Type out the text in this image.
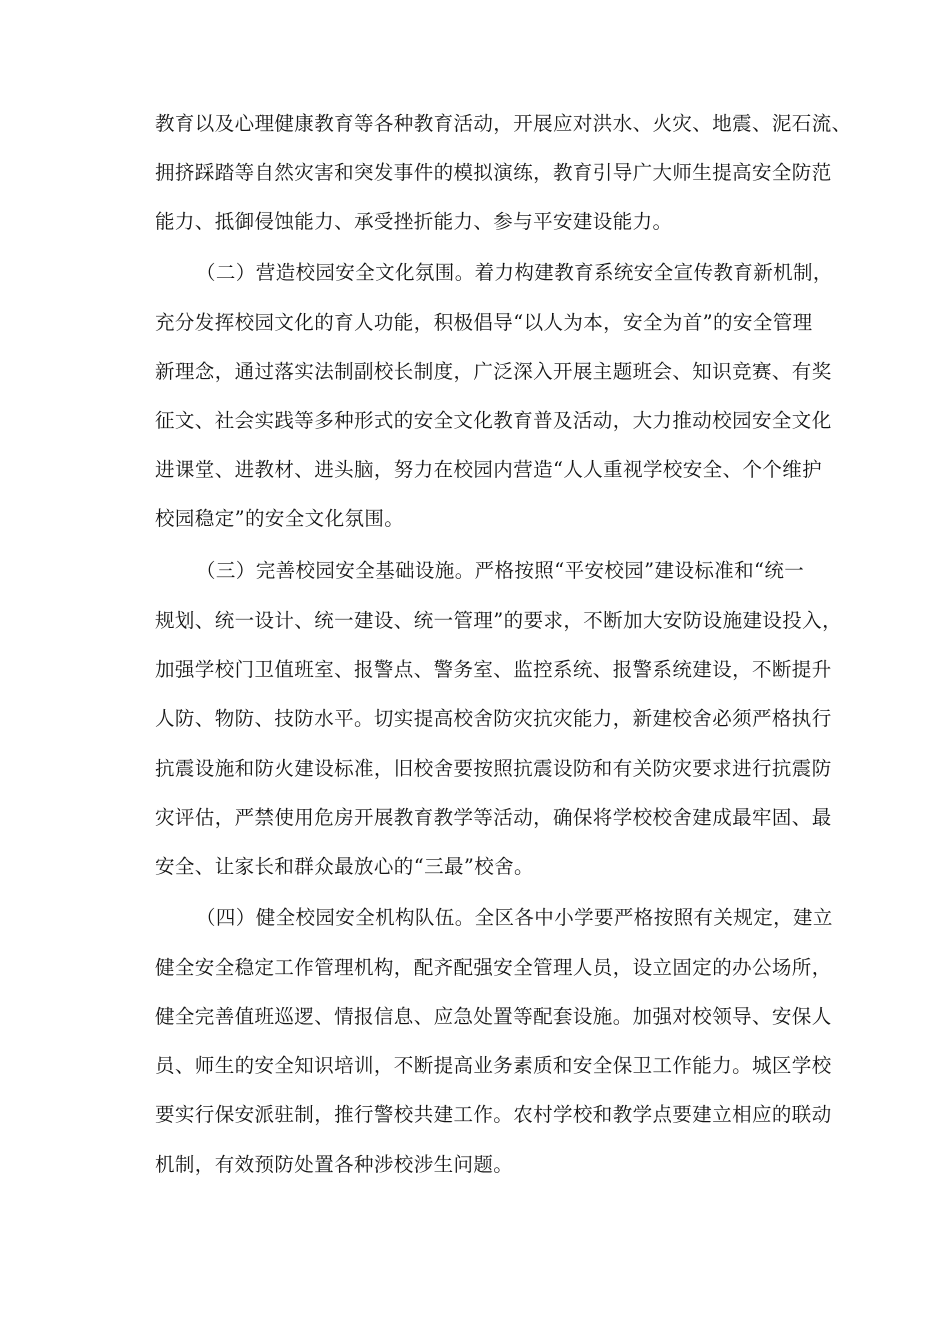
教育以及心理健康教育等各种教育活动，开展应对洪水、火灾、地震、泥石流、
拥挤踩踏等自然灾害和突发事件的模拟演练，教育引导广大师生提高安全防范
能力、抵御侵蚀能力、承受挫折能力、参与平安建设能力。
（二）营造校园安全文化氛围。着力构建教育系统安全宣传教育新机制，
充分发挥校园文化的育人功能，积极倡导“以人为本，安全为首”的安全管理
新理念，通过落实法制副校长制度，广泛深入开展主题班会、知识竞赛、有奖
征文、社会实践等多种形式的安全文化教育普及活动，大力推动校园安全文化
进课堂、进教材、进头脑，努力在校园内营造“人人重视学校安全、个个维护
校园稳定”的安全文化氛围。
（三）完善校园安全基础设施。严格按照“平安校园”建设标准和“统一
规划、统一设计、统一建设、统一管理”的要求，不断加大安防设施建设投入，
加强学校门卫值班室、报警点、警务室、监控系统、报警系统建设，不断提升
人防、物防、技防水平。切实提高校舍防灾抗灾能力，新建校舍必须严格执行
抗震设施和防火建设标准，旧校舍要按照抗震设防和有关防灾要求进行抗震防
灾评估，严禁使用危房开展教育教学等活动，确保将学校校舍建成最牢固、最
安全、让家长和群众最放心的“三最”校舍。
（四）健全校园安全机构队伍。全区各中小学要严格按照有关规定，建立
健全安全稳定工作管理机构，配齐配强安全管理人员，设立固定的办公场所，
健全完善值班巡逻、情报信息、应急处置等配套设施。加强对校领导、安保人
员、师生的安全知识培训，不断提高业务素质和安全保卫工作能力。城区学校
要实行保安派驻制，推行警校共建工作。农村学校和教学点要建立相应的联动
机制，有效预防处置各种涉校涉生问题。
